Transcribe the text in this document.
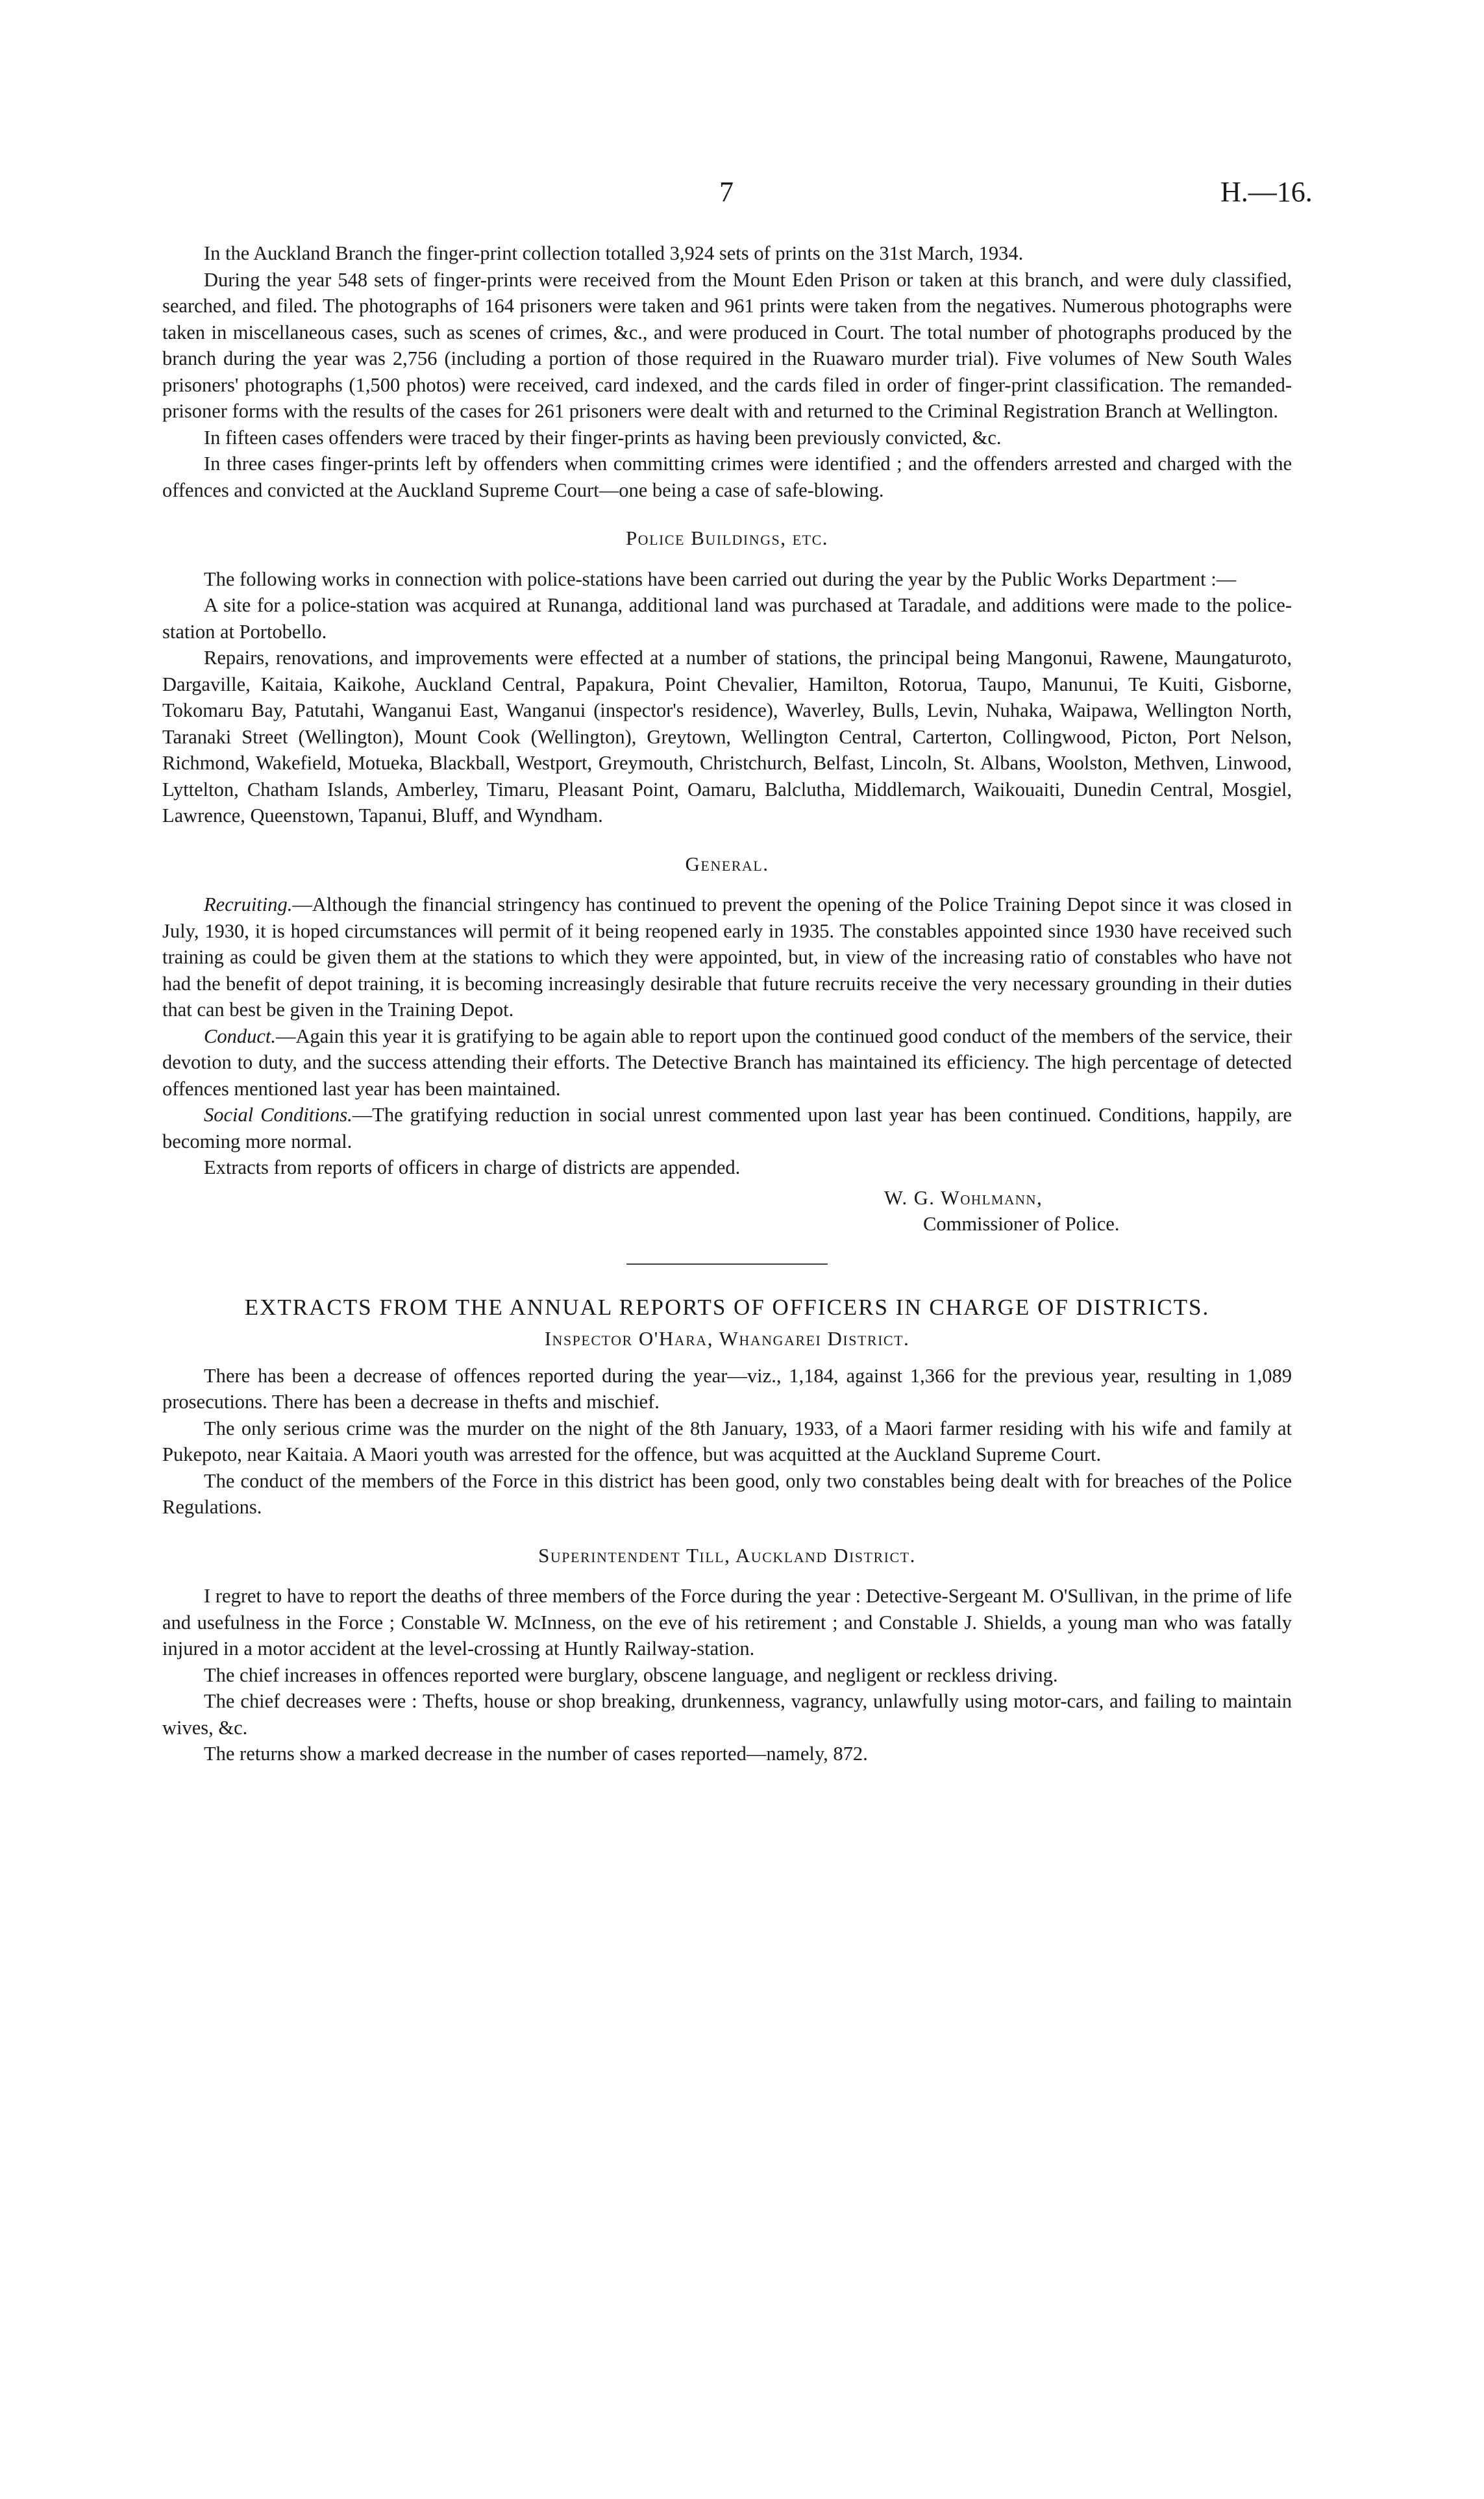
7	H.—16.

In the Auckland Branch the finger-print collection totalled 3,924 sets of prints on the 31st March, 1934.

During the year 548 sets of finger-prints were received from the Mount Eden Prison or taken at this branch, and were duly classified, searched, and filed. The photographs of 164 prisoners were taken and 961 prints were taken from the negatives. Numerous photographs were taken in miscellaneous cases, such as scenes of crimes, &c., and were produced in Court. The total number of photographs produced by the branch during the year was 2,756 (including a portion of those required in the Ruawaro murder trial). Five volumes of New South Wales prisoners' photographs (1,500 photos) were received, card indexed, and the cards filed in order of finger-print classification. The remanded-prisoner forms with the results of the cases for 261 prisoners were dealt with and returned to the Criminal Registration Branch at Wellington.

In fifteen cases offenders were traced by their finger-prints as having been previously convicted, &c.

In three cases finger-prints left by offenders when committing crimes were identified ; and the offenders arrested and charged with the offences and convicted at the Auckland Supreme Court—one being a case of safe-blowing.

Police Buildings, etc.

The following works in connection with police-stations have been carried out during the year by the Public Works Department :—

A site for a police-station was acquired at Runanga, additional land was purchased at Taradale, and additions were made to the police-station at Portobello.

Repairs, renovations, and improvements were effected at a number of stations, the principal being Mangonui, Rawene, Maungaturoto, Dargaville, Kaitaia, Kaikohe, Auckland Central, Papakura, Point Chevalier, Hamilton, Rotorua, Taupo, Manunui, Te Kuiti, Gisborne, Tokomaru Bay, Patutahi, Wanganui East, Wanganui (inspector's residence), Waverley, Bulls, Levin, Nuhaka, Waipawa, Wellington North, Taranaki Street (Wellington), Mount Cook (Wellington), Greytown, Wellington Central, Carterton, Collingwood, Picton, Port Nelson, Richmond, Wakefield, Motueka, Blackball, Westport, Greymouth, Christchurch, Belfast, Lincoln, St. Albans, Woolston, Methven, Linwood, Lyttelton, Chatham Islands, Amberley, Timaru, Pleasant Point, Oamaru, Balclutha, Middlemarch, Waikouaiti, Dunedin Central, Mosgiel, Lawrence, Queenstown, Tapanui, Bluff, and Wyndham.

General.

Recruiting.—Although the financial stringency has continued to prevent the opening of the Police Training Depot since it was closed in July, 1930, it is hoped circumstances will permit of it being reopened early in 1935. The constables appointed since 1930 have received such training as could be given them at the stations to which they were appointed, but, in view of the increasing ratio of constables who have not had the benefit of depot training, it is becoming increasingly desirable that future recruits receive the very necessary grounding in their duties that can best be given in the Training Depot.

Conduct.—Again this year it is gratifying to be again able to report upon the continued good conduct of the members of the service, their devotion to duty, and the success attending their efforts. The Detective Branch has maintained its efficiency. The high percentage of detected offences mentioned last year has been maintained.

Social Conditions.—The gratifying reduction in social unrest commented upon last year has been continued. Conditions, happily, are becoming more normal.

Extracts from reports of officers in charge of districts are appended.

W. G. Wohlmann,

Commissioner of Police.

EXTRACTS FROM THE ANNUAL REPORTS OF OFFICERS IN CHARGE OF DISTRICTS.
Inspector O'Hara, Whangarei District.

There has been a decrease of offences reported during the year—viz., 1,184, against 1,366 for the previous year, resulting in 1,089 prosecutions. There has been a decrease in thefts and mischief.

The only serious crime was the murder on the night of the 8th January, 1933, of a Maori farmer residing with his wife and family at Pukepoto, near Kaitaia. A Maori youth was arrested for the offence, but was acquitted at the Auckland Supreme Court.

The conduct of the members of the Force in this district has been good, only two constables being dealt with for breaches of the Police Regulations.

Superintendent Till, Auckland District.

I regret to have to report the deaths of three members of the Force during the year : Detective-Sergeant M. O'Sullivan, in the prime of life and usefulness in the Force ; Constable W. McInness, on the eve of his retirement ; and Constable J. Shields, a young man who was fatally injured in a motor accident at the level-crossing at Huntly Railway-station.

The chief increases in offences reported were burglary, obscene language, and negligent or reckless driving.

The chief decreases were : Thefts, house or shop breaking, drunkenness, vagrancy, unlawfully using motor-cars, and failing to maintain wives, &c.

The returns show a marked decrease in the number of cases reported—namely, 872.
